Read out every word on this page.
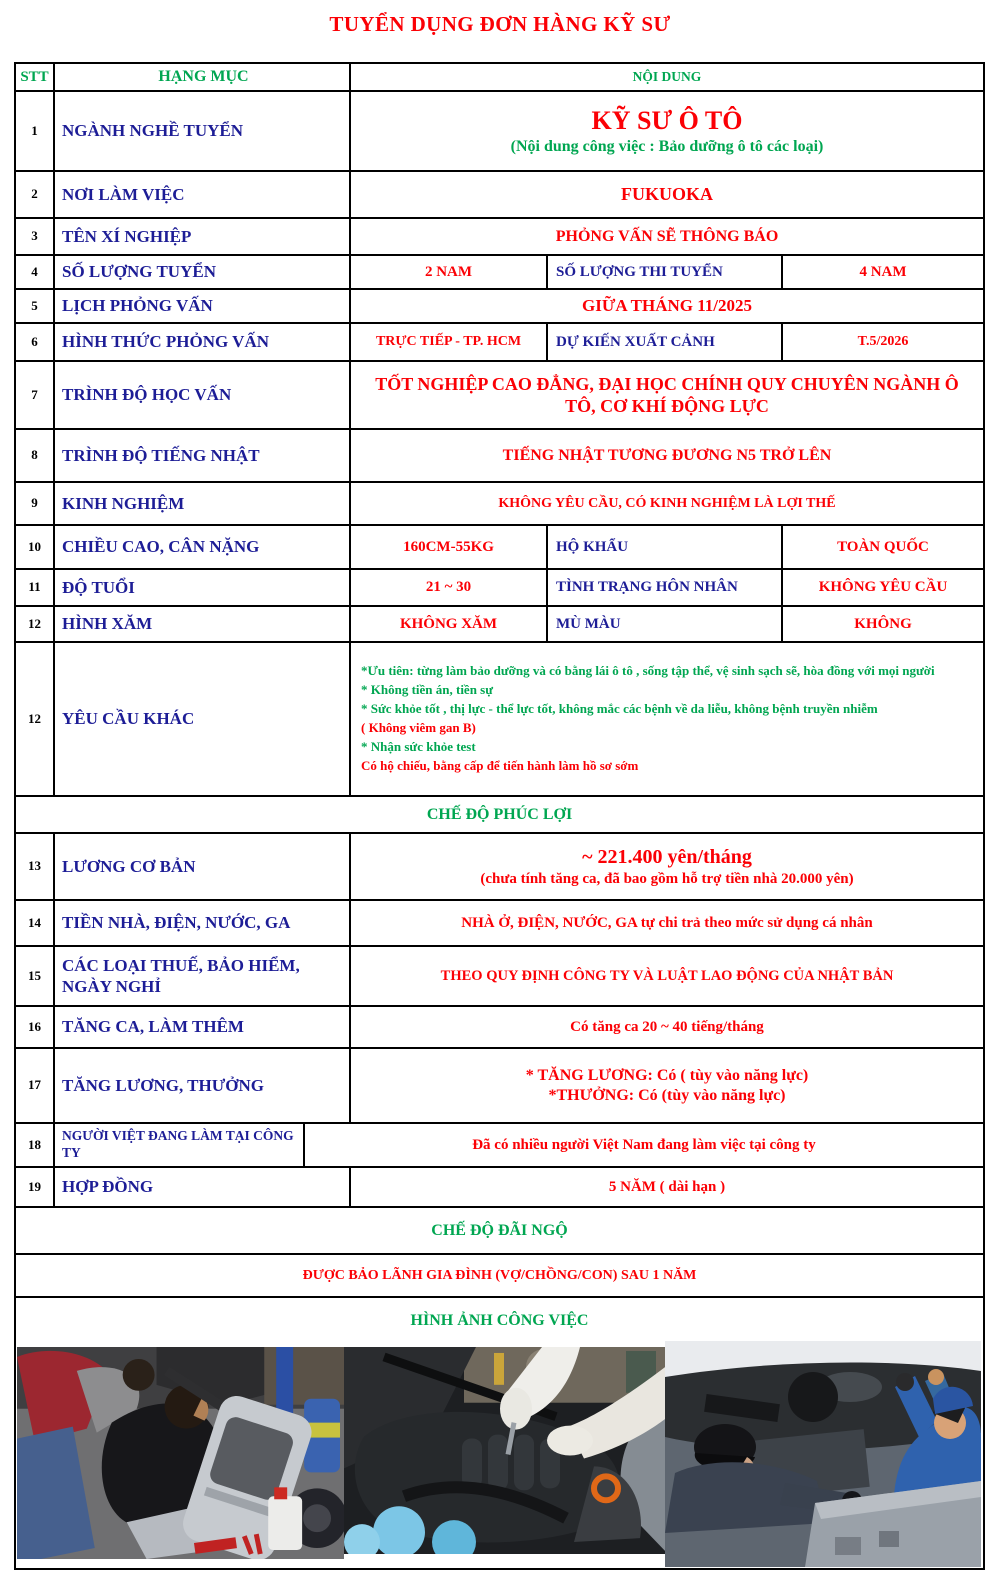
TUYỂN DỤNG ĐƠN HÀNG KỸ SƯ
STT	HẠNG MỤC	NỘI DUNG
1	NGÀNH NGHỀ TUYỂN	KỸ SƯ Ô TÔ
(Nội dung công việc : Bảo dưỡng ô tô các loại)
2	NƠI LÀM VIỆC	FUKUOKA
3	TÊN XÍ NGHIỆP	PHỎNG VẤN SẼ THÔNG BÁO
4	SỐ LƯỢNG TUYỂN	2 NAM	SỐ LƯỢNG THI TUYỂN	4 NAM
5	LỊCH PHỎNG VẤN	GIỮA THÁNG 11/2025
6	HÌNH THỨC PHỎNG VẤN	TRỰC TIẾP - TP. HCM	DỰ KIẾN XUẤT CẢNH	T.5/2026
7	TRÌNH ĐỘ HỌC VẤN
TỐT NGHIỆP CAO ĐẲNG, ĐẠI HỌC CHÍNH QUY CHUYÊN NGÀNH Ô TÔ, CƠ KHÍ ĐỘNG LỰC
8	TRÌNH ĐỘ TIẾNG NHẬT	TIẾNG NHẬT TƯƠNG ĐƯƠNG N5 TRỞ LÊN
9	KINH NGHIỆM	KHÔNG YÊU CẦU, CÓ KINH NGHIỆM LÀ LỢI THẾ
10	CHIỀU CAO, CÂN NẶNG	160CM-55KG	HỘ KHẨU	TOÀN QUỐC
11	ĐỘ TUỔI	21 ~ 30	TÌNH TRẠNG HÔN NHÂN	KHÔNG YÊU CẦU
12	HÌNH XĂM	KHÔNG XĂM	MÙ MÀU	KHÔNG
12	YÊU CẦU KHÁC
*Ưu tiên: từng làm bảo dưỡng và có bằng lái ô tô , sống tập thể, vệ sinh sạch sẽ, hòa đồng với mọi người
* Không tiền án, tiền sự
* Sức khỏe tốt , thị lực - thể lực tốt, không mắc các bệnh về da liễu, không bệnh truyền nhiễm
( Không viêm gan B)
* Nhận sức khỏe test
Có hộ chiếu, bằng cấp để tiến hành làm hồ sơ sớm
CHẾ ĐỘ PHÚC LỢI
13	LƯƠNG CƠ BẢN	~ 221.400 yên/tháng
(chưa tính tăng ca, đã bao gồm hỗ trợ tiền nhà 20.000 yên)
14	TIỀN NHÀ, ĐIỆN, NƯỚC, GA	NHÀ Ở, ĐIỆN, NƯỚC, GA tự chi trả theo mức sử dụng cá nhân
15
CÁC LOẠI THUẾ, BẢO HIỂM, NGÀY NGHỈ
THEO QUY ĐỊNH CÔNG TY VÀ LUẬT LAO ĐỘNG CỦA NHẬT BẢN
16	TĂNG CA, LÀM THÊM	Có tăng ca 20 ~ 40 tiếng/tháng
17	TĂNG LƯƠNG, THƯỞNG
* TĂNG LƯƠNG: Có ( tùy vào năng lực)
*THƯỞNG: Có (tùy vào năng lực)
18
NGƯỜI VIỆT ĐANG LÀM TẠI CÔNG TY	Đã có nhiều người Việt Nam đang làm việc tại công ty
19	HỢP ĐỒNG	5 NĂM ( dài hạn )
CHẾ ĐỘ ĐÃI NGỘ
ĐƯỢC BẢO LÃNH GIA ĐÌNH (VỢ/CHỒNG/CON) SAU 1 NĂM
HÌNH ẢNH CÔNG VIỆC
